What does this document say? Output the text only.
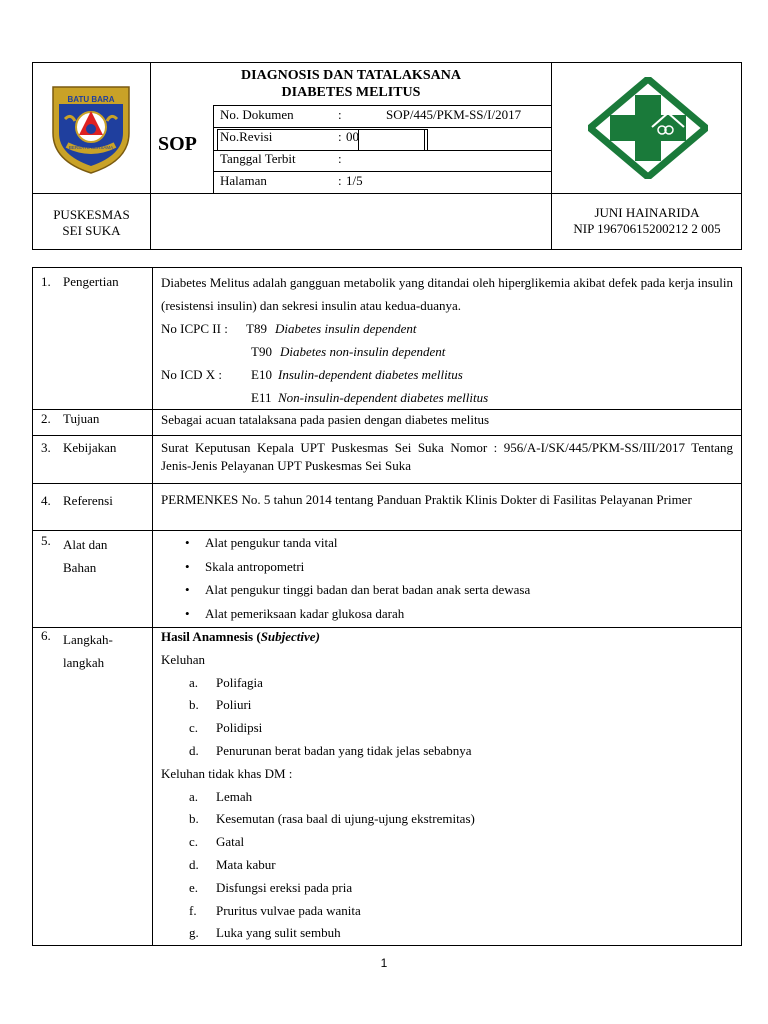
BATU BARA
BERSATU BERSAMA
DIAGNOSIS DAN TATALAKSANA
DIABETES MELITUS
SOP
No. Dokumen	:	SOP/445/PKM-SS/I/2017
No.Revisi	: 00
Tanggal Terbit	:
Halaman	: 1/5
PUSKESMAS
SEI SUKA
JUNI HAINARIDA
NIP 19670615200212 2 005
1. Pengertian	Diabetes Melitus adalah gangguan metabolik yang ditandai oleh hiperglikemia akibat defek pada kerja insulin (resistensi insulin) dan sekresi insulin atau kedua-duanya.
No ICPC II : T89 Diabetes insulin dependent
T90 Diabetes non-insulin dependent
No ICD X : E10 Insulin-dependent diabetes mellitus
E11 Non-insulin-dependent diabetes mellitus
2. Tujuan	Sebagai acuan tatalaksana pada pasien dengan diabetes melitus
3. Kebijakan	Surat Keputusan Kepala UPT Puskesmas Sei Suka Nomor : 956/A-I/SK/445/PKM-SS/III/2017 Tentang Jenis-Jenis Pelayanan UPT Puskesmas Sei Suka
4. Referensi	PERMENKES No. 5 tahun 2014 tentang Panduan Praktik Klinis Dokter di Fasilitas Pelayanan Primer
5. Alat dan
Bahan
• Alat pengukur tanda vital
• Skala antropometri
• Alat pengukur tinggi badan dan berat badan anak serta dewasa
• Alat pemeriksaan kadar glukosa darah
6. Langkah-
langkah
Hasil Anamnesis (Subjective)
Keluhan
a. Polifagia
b. Poliuri
c. Polidipsi
d. Penurunan berat badan yang tidak jelas sebabnya
Keluhan tidak khas DM :
a. Lemah
b. Kesemutan (rasa baal di ujung-ujung ekstremitas)
c. Gatal
d. Mata kabur
e. Disfungsi ereksi pada pria
f. Pruritus vulvae pada wanita
g. Luka yang sulit sembuh
1
